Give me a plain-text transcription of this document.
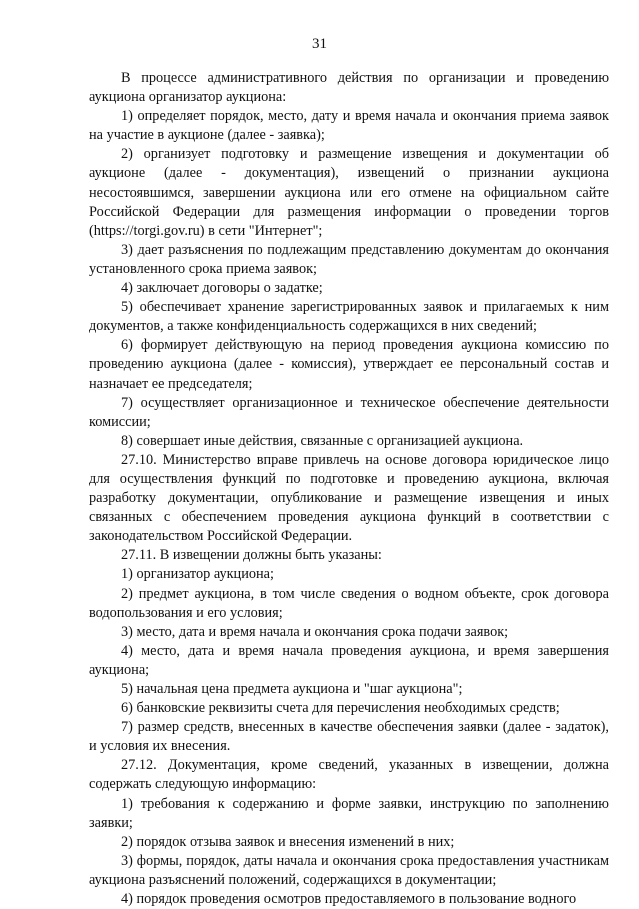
31

В процессе административного действия по организации и проведению аукциона организатор аукциона:

1) определяет порядок, место, дату и время начала и окончания приема заявок на участие в аукционе (далее - заявка);

2) организует подготовку и размещение извещения и документации об аукционе (далее - документация), извещений о признании аукциона несостоявшимся, завершении аукциона или его отмене на официальном сайте Российской Федерации для размещения информации о проведении торгов (https://torgi.gov.ru) в сети "Интернет";

3) дает разъяснения по подлежащим представлению документам до окончания установленного срока приема заявок;

4) заключает договоры о задатке;

5) обеспечивает хранение зарегистрированных заявок и прилагаемых к ним документов, а также конфиденциальность содержащихся в них сведений;

6) формирует действующую на период проведения аукциона комиссию по проведению аукциона (далее - комиссия), утверждает ее персональный состав и назначает ее председателя;

7) осуществляет организационное и техническое обеспечение деятельности комиссии;

8) совершает иные действия, связанные с организацией аукциона.

27.10. Министерство вправе привлечь на основе договора юридическое лицо для осуществления функций по подготовке и проведению аукциона, включая разработку документации, опубликование и размещение извещения и иных связанных с обеспечением проведения аукциона функций в соответствии с законодательством Российской Федерации.

27.11. В извещении должны быть указаны:

1) организатор аукциона;

2) предмет аукциона, в том числе сведения о водном объекте, срок договора водопользования и его условия;

3) место, дата и время начала и окончания срока подачи заявок;

4) место, дата и время начала проведения аукциона, и время завершения аукциона;

5) начальная цена предмета аукциона и "шаг аукциона";

6) банковские реквизиты счета для перечисления необходимых средств;

7) размер средств, внесенных в качестве обеспечения заявки (далее - задаток), и условия их внесения.

27.12. Документация, кроме сведений, указанных в извещении, должна содержать следующую информацию:

1) требования к содержанию и форме заявки, инструкцию по заполнению заявки;

2) порядок отзыва заявок и внесения изменений в них;

3) формы, порядок, даты начала и окончания срока предоставления участникам аукциона разъяснений положений, содержащихся в документации;

4) порядок проведения осмотров предоставляемого в пользование водного
